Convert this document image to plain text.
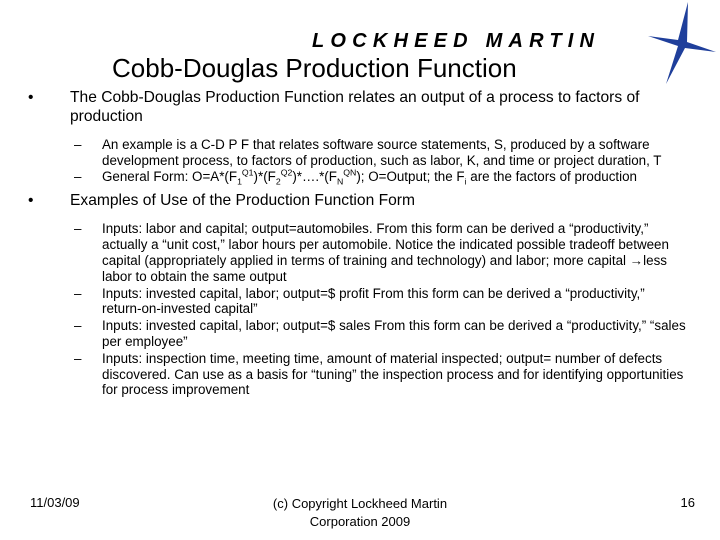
LOCKHEED MARTIN
Cobb-Douglas Production Function
• The Cobb-Douglas Production Function relates an output of a process to factors of production
– An example is a C-D P F that relates software source statements, S, produced by a software development process, to factors of production, such as labor, K, and time or project duration, T
– General Form: $O=A*(F_1^{Q1})*(F_2^{Q2})*\dots.*(F_N^{QN})$; O=Output; the $F_i$ are the factors of production
• Examples of Use of the Production Function Form
– Inputs: labor and capital; output=automobiles. From this form can be derived a “productivity,” actually a “unit cost,” labor hours per automobile. Notice the indicated possible tradeoff between capital (appropriately applied in terms of training and technology) and labor; more capital →less labor to obtain the same output
– Inputs: invested capital, labor; output=$ profit From this form can be derived a “productivity,” return-on-invested capital”
– Inputs: invested capital, labor; output=$ sales From this form can be derived a “productivity,” “sales per employee”
– Inputs: inspection time, meeting time, amount of material inspected; output= number of defects discovered. Can use as a basis for “tuning” the inspection process and for identifying opportunities for process improvement
11/03/09	(c) Copyright Lockheed Martin
Corporation 2009
16
